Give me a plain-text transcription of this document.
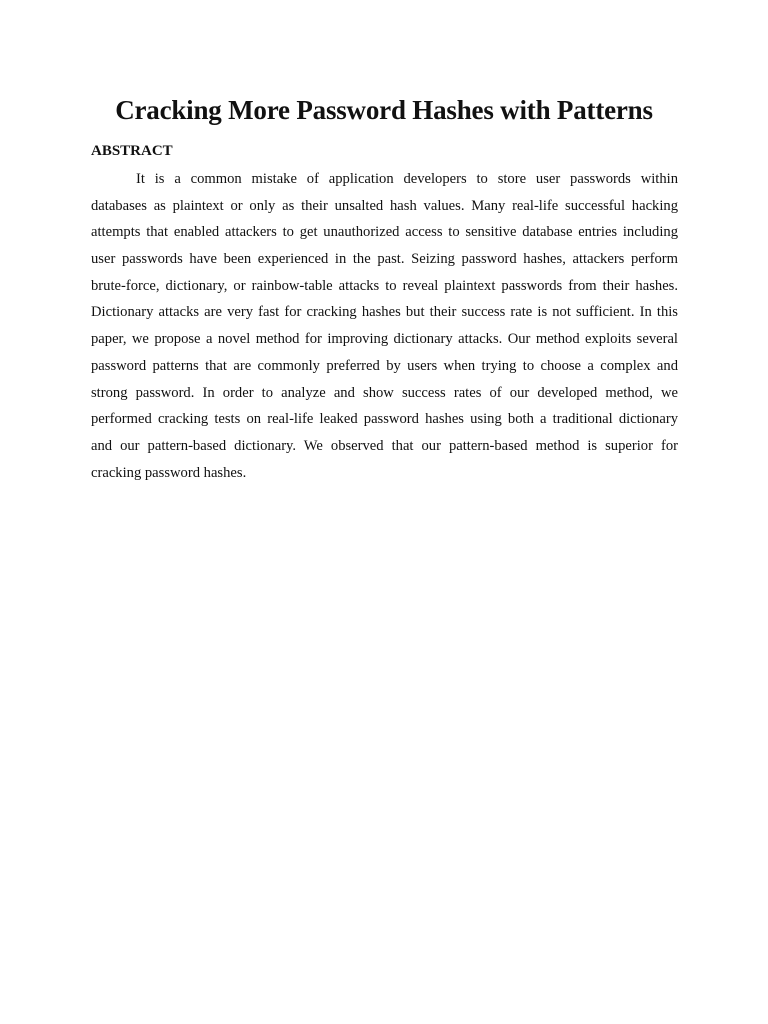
Cracking More Password Hashes with Patterns
ABSTRACT
It is a common mistake of application developers to store user passwords within
databases as plaintext or only as their unsalted hash values. Many real-life successful hacking
attempts that enabled attackers to get unauthorized access to sensitive database entries including
user passwords have been experienced in the past. Seizing password hashes, attackers perform
brute-force, dictionary, or rainbow-table attacks to reveal plaintext passwords from their hashes.
Dictionary attacks are very fast for cracking hashes but their success rate is not sufficient. In this
paper, we propose a novel method for improving dictionary attacks. Our method exploits several
password patterns that are commonly preferred by users when trying to choose a complex and
strong password. In order to analyze and show success rates of our developed method, we
performed cracking tests on real-life leaked password hashes using both a traditional dictionary
and our pattern-based dictionary. We observed that our pattern-based method is superior for
cracking password hashes.
